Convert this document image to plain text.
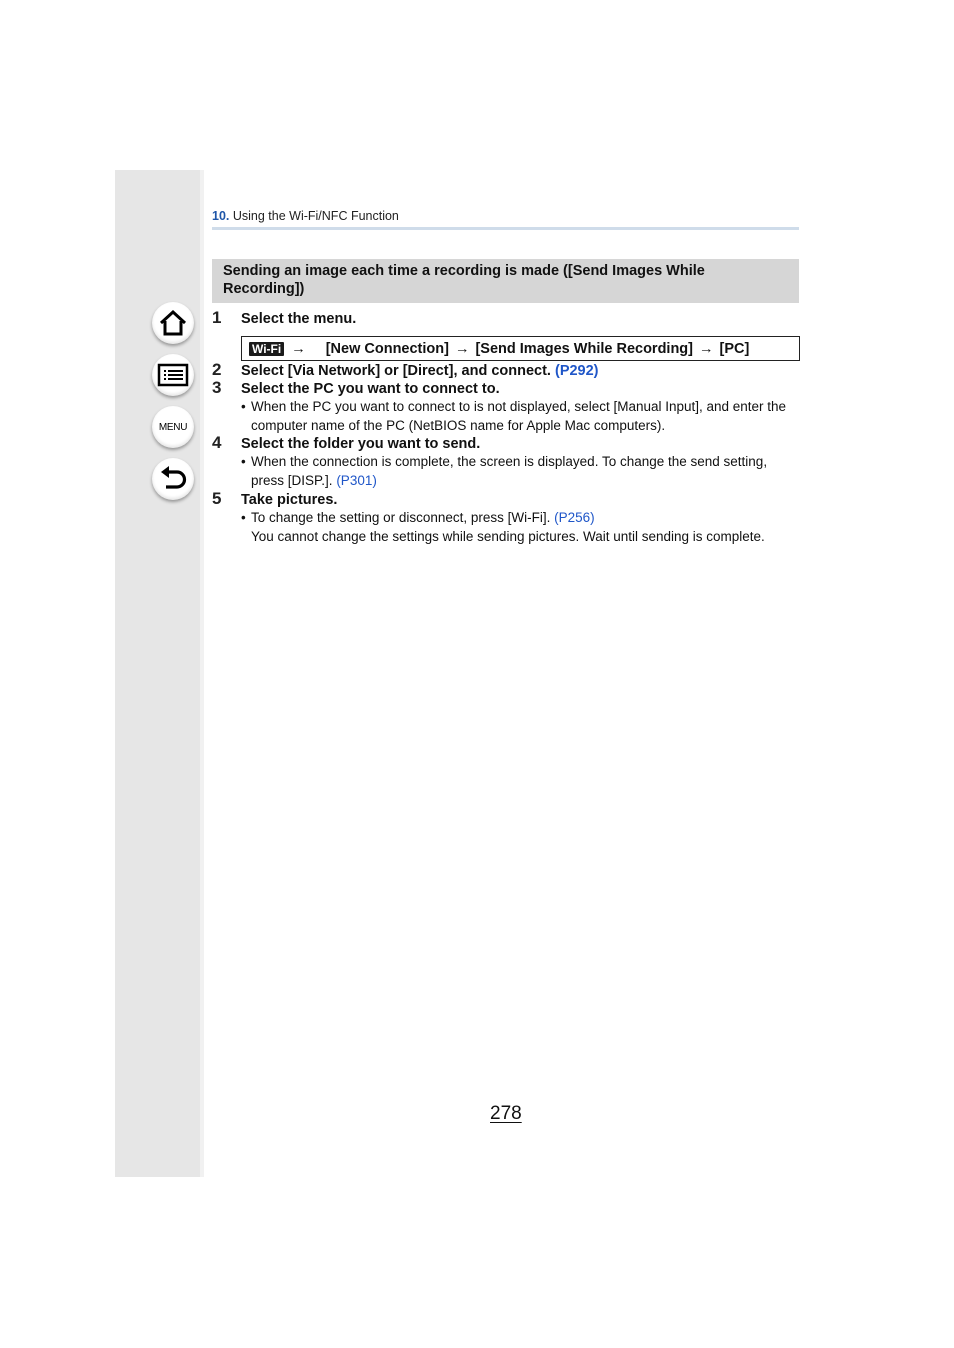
MENU
10. Using the Wi-Fi/NFC Function
Sending an image each time a recording is made ([Send Images While Recording])
1 Select the menu.
Wi-Fi → [New Connection] → [Send Images While Recording] → [PC]
2 Select [Via Network] or [Direct], and connect. (P292)
3 Select the PC you want to connect to.
• When the PC you want to connect to is not displayed, select [Manual Input], and enter the computer name of the PC (NetBIOS name for Apple Mac computers).
4 Select the folder you want to send.
• When the connection is complete, the screen is displayed. To change the send setting, press [DISP.]. (P301)
5 Take pictures.
• To change the setting or disconnect, press [Wi-Fi]. (P256)
You cannot change the settings while sending pictures. Wait until sending is complete.
278
